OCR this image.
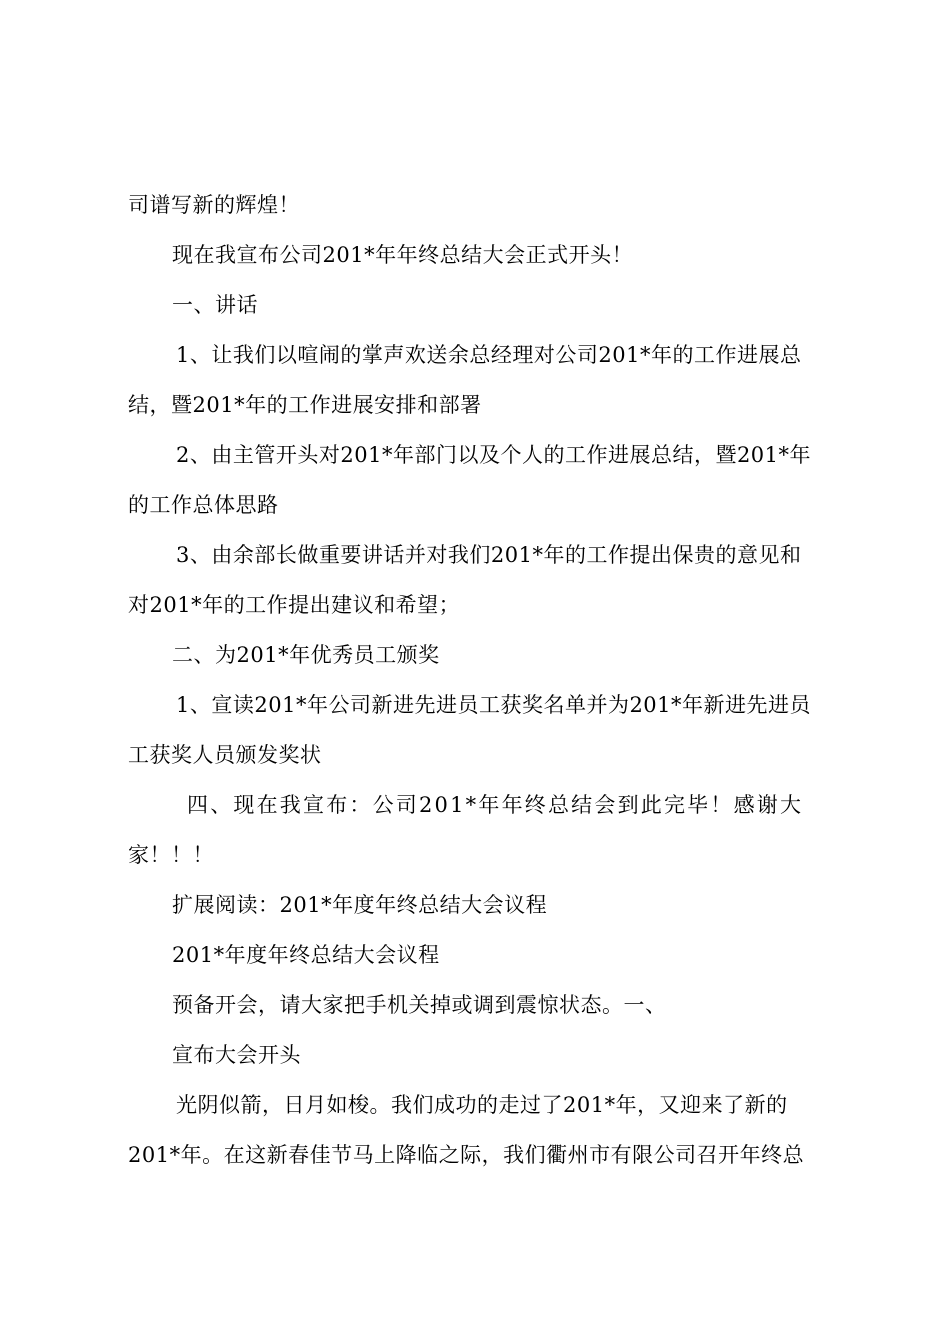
司谱写新的辉煌！
现在我宣布公司201*年年终总结大会正式开头！
一、讲话
1、让我们以喧闹的掌声欢送余总经理对公司201*年的工作进展总
结，暨201*年的工作进展安排和部署
2、由主管开头对201*年部门以及个人的工作进展总结，暨201*年
的工作总体思路
3、由余部长做重要讲话并对我们201*年的工作提出保贵的意见和
对201*年的工作提出建议和希望；
二、为201*年优秀员工颁奖
1、宣读201*年公司新进先进员工获奖名单并为201*年新进先进员
工获奖人员颁发奖状
四、现在我宣布：公司201*年年终总结会到此完毕！感谢大
家！！！
扩展阅读：201*年度年终总结大会议程
201*年度年终总结大会议程
预备开会，请大家把手机关掉或调到震惊状态。一、
宣布大会开头
光阴似箭，日月如梭。我们成功的走过了201*年，又迎来了新的
201*年。在这新春佳节马上降临之际，我们衢州市有限公司召开年终总
